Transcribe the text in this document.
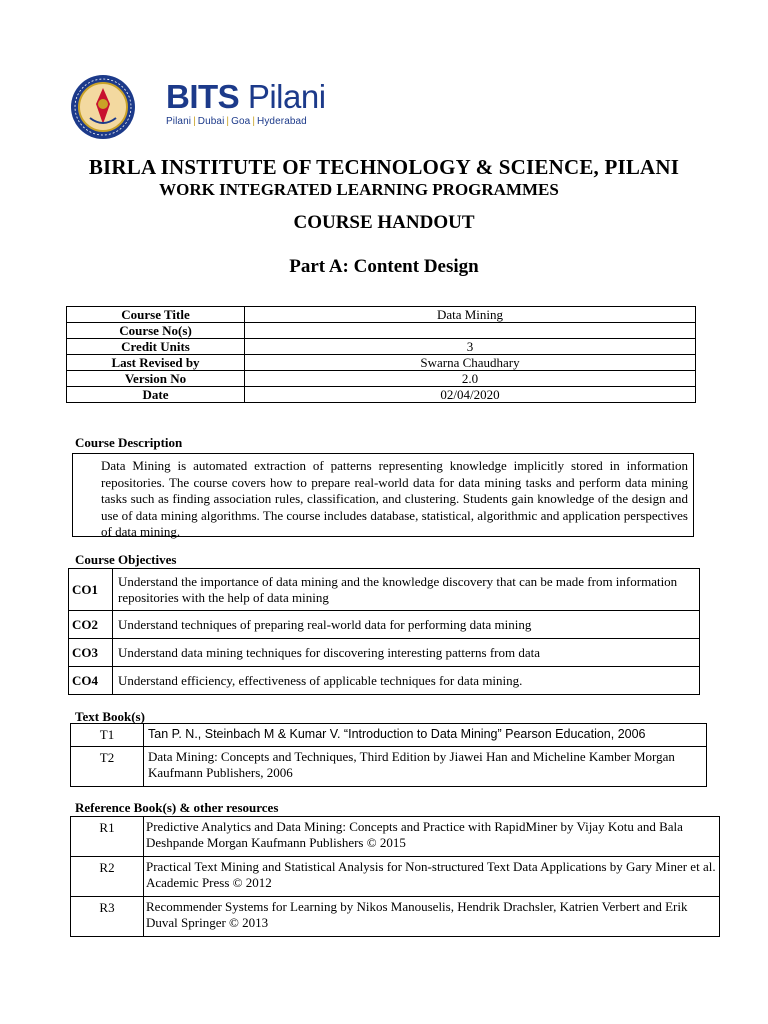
BITS Pilani
Pilani | Dubai | Goa | Hyderabad
BIRLA INSTITUTE OF TECHNOLOGY & SCIENCE, PILANI
WORK INTEGRATED LEARNING PROGRAMMES
COURSE HANDOUT
Part A: Content Design
Course Title	Data Mining
Course No(s)	
Credit Units	3
Last Revised by	Swarna Chaudhary
Version No	2.0
Date	02/04/2020
Course Description
Data Mining is automated extraction of patterns representing knowledge implicitly stored in information repositories. The course covers how to prepare real-world data for data mining tasks and perform data mining tasks such as finding association rules, classification, and clustering. Students gain knowledge of the design and use of data mining algorithms. The course includes database, statistical, algorithmic and application perspectives of data mining.
Course Objectives
CO1	Understand the importance of data mining and the knowledge discovery that can be made from information repositories with the help of data mining
CO2	Understand techniques of preparing real-world data for performing data mining
CO3	Understand data mining techniques for discovering interesting patterns from data
CO4	Understand efficiency, effectiveness of applicable techniques for data mining.
Text Book(s)
T1	Tan P. N., Steinbach M & Kumar V. “Introduction to Data Mining” Pearson Education, 2006
T2	Data Mining: Concepts and Techniques, Third Edition by Jiawei Han and Micheline Kamber Morgan Kaufmann Publishers, 2006
Reference Book(s) & other resources
R1	Predictive Analytics and Data Mining: Concepts and Practice with RapidMiner by Vijay Kotu and Bala Deshpande Morgan Kaufmann Publishers © 2015
R2	Practical Text Mining and Statistical Analysis for Non-structured Text Data Applications by Gary Miner et al. Academic Press © 2012
R3	Recommender Systems for Learning by Nikos Manouselis, Hendrik Drachsler, Katrien Verbert and Erik Duval Springer © 2013
